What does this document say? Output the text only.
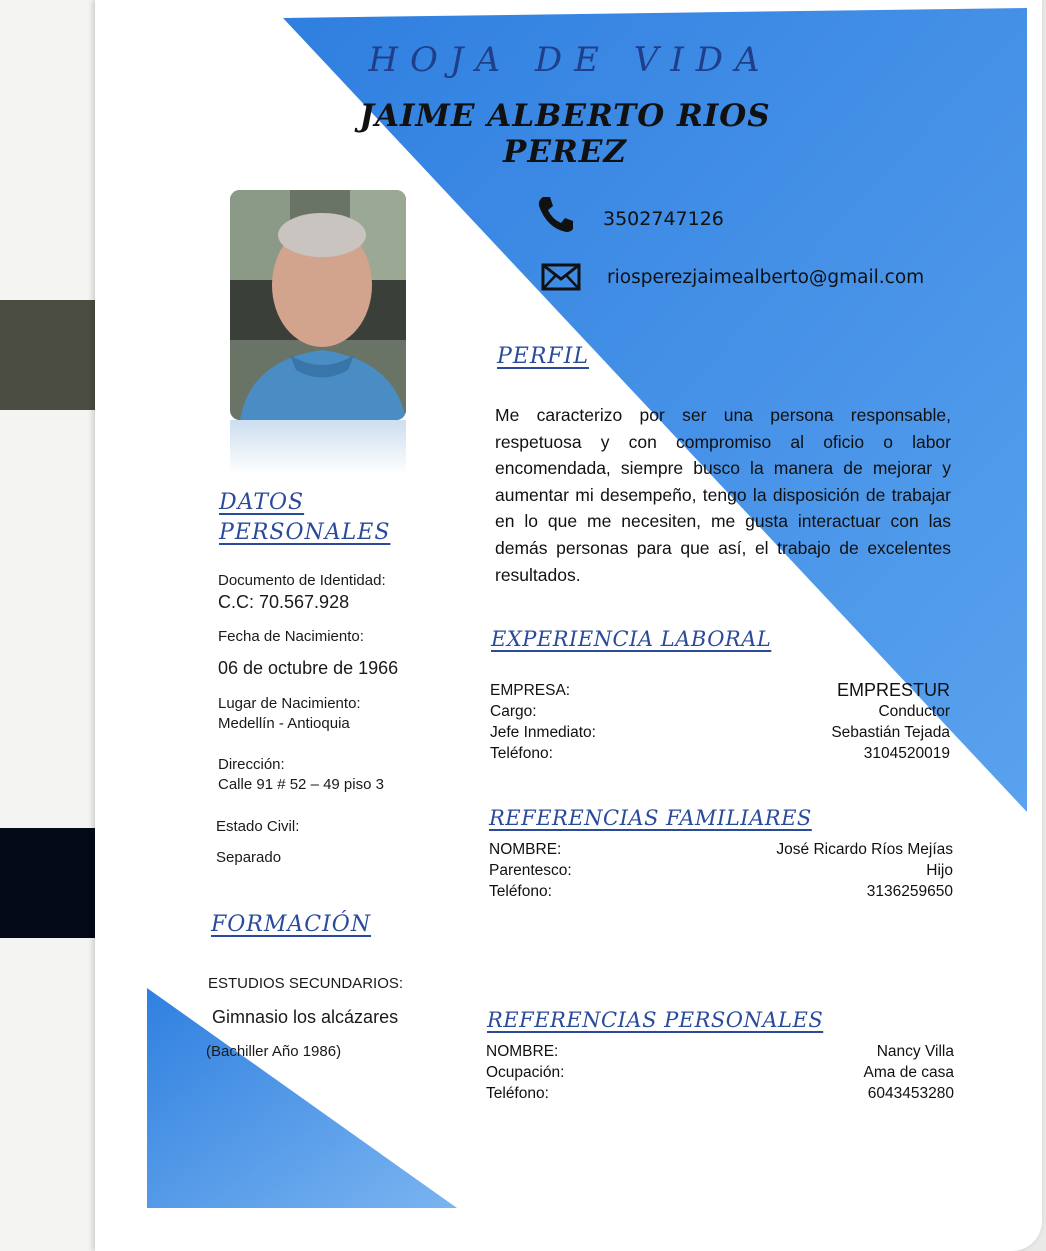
HOJA DE VIDA
JAIME ALBERTO RIOS PEREZ
3502747126
riosperezjaimealberto@gmail.com
PERFIL
Me caracterizo por ser una persona responsable, respetuosa y con compromiso al oficio o labor encomendada, siempre busco la manera de mejorar y aumentar mi desempeño, tengo la disposición de trabajar en lo que me necesiten, me gusta interactuar con las demás personas para que así, el trabajo de excelentes resultados.
DATOS
PERSONALES
Documento de Identidad:
C.C: 70.567.928
Fecha de Nacimiento:
06 de octubre de 1966
Lugar de Nacimiento:
Medellín - Antioquia
Dirección:
Calle 91 # 52 – 49 piso 3
Estado Civil:
Separado
FORMACIÓN
ESTUDIOS SECUNDARIOS:
Gimnasio los alcázares
(Bachiller Año 1986)
EXPERIENCIA LABORAL
EMPRESA:	EMPRESTUR
Cargo:	Conductor
Jefe Inmediato:	Sebastián Tejada
Teléfono:	3104520019
REFERENCIAS FAMILIARES
NOMBRE:	José Ricardo Ríos Mejías
Parentesco:	Hijo
Teléfono:	3136259650
REFERENCIAS PERSONALES
NOMBRE:	Nancy Villa
Ocupación:	Ama de casa
Teléfono:	6043453280
